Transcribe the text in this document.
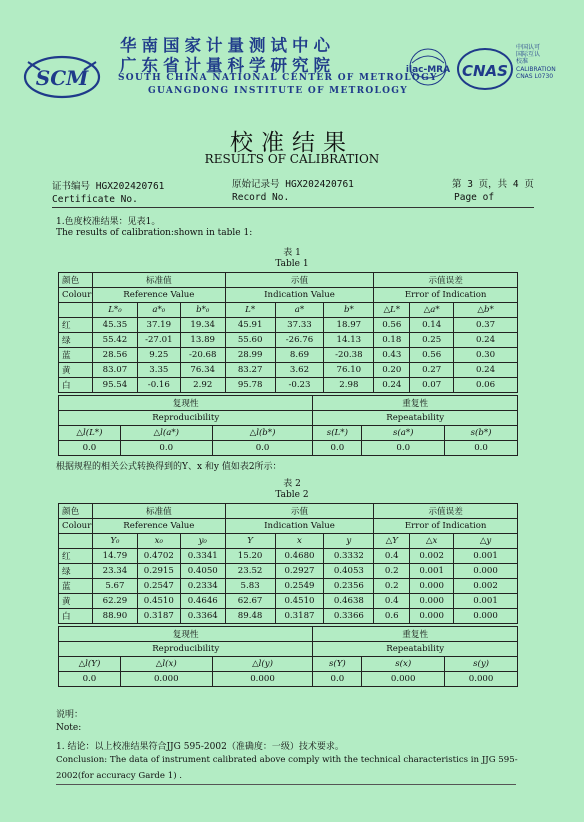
SCM
华南国家计量测试中心
广东省计量科学研究院
SOUTH CHINA NATIONAL CENTER OF METROLOGY
GUANGDONG INSTITUTE OF METROLOGY
ilac-MRA CNAS
中国认可
国际互认
校准
CALIBRATION
CNAS L0730
校准结果
RESULTS OF CALIBRATION
证书编号 HGX202420761
Certificate No.
原始记录号 HGX202420761
Record No.
第 3 页，共 4 页
Page of
1.色度校准结果：见表1。
The results of calibration:shown in table 1:
表 1
Table 1
颜色	标准值			示值			示值误差		
Colour	Reference Value			Indication Value			Error of Indication		
	L*₀	a*₀	b*₀	L*	a*	b*	△L*	△a*	△b*
红	45.35	37.19	19.34	45.91	37.33	18.97	0.56	0.14	0.37
绿	55.42	-27.01	13.89	55.60	-26.76	14.13	0.18	0.25	0.24
蓝	28.56	9.25	-20.68	28.99	8.69	-20.38	0.43	0.56	0.30
黄	83.07	3.35	76.34	83.27	3.62	76.10	0.20	0.27	0.24
白	95.54	-0.16	2.92	95.78	-0.23	2.98	0.24	0.07	0.06
复现性			重复性		
Reproducibility			Repeatability		
△l(L*)	△l(a*)	△l(b*)	s(L*)	s(a*)	s(b*)
0.0	0.0	0.0	0.0	0.0	0.0
根据规程的相关公式转换得到的Y、x 和y 值如表2所示：
表 2
Table 2
颜色	标准值			示值			示值误差		
Colour	Reference Value			Indication Value			Error of Indication		
	Y₀	x₀	y₀	Y	x	y	△Y	△x	△y
红	14.79	0.4702	0.3341	15.20	0.4680	0.3332	0.4	0.002	0.001
绿	23.34	0.2915	0.4050	23.52	0.2927	0.4053	0.2	0.001	0.000
蓝	5.67	0.2547	0.2334	5.83	0.2549	0.2356	0.2	0.000	0.002
黄	62.29	0.4510	0.4646	62.67	0.4510	0.4638	0.4	0.000	0.001
白	88.90	0.3187	0.3364	89.48	0.3187	0.3366	0.6	0.000	0.000
复现性			重复性		
Reproducibility			Repeatability		
△l(Y)	△l(x)	△l(y)	s(Y)	s(x)	s(y)
0.0	0.000	0.000	0.0	0.000	0.000
说明：
Note:
1. 结论：以上校准结果符合JJG 595-2002（准确度：一级）技术要求。
Conclusion: The data of instrument calibrated above comply with the technical characteristics in JJG 595-
2002(for accuracy Garde 1) .
